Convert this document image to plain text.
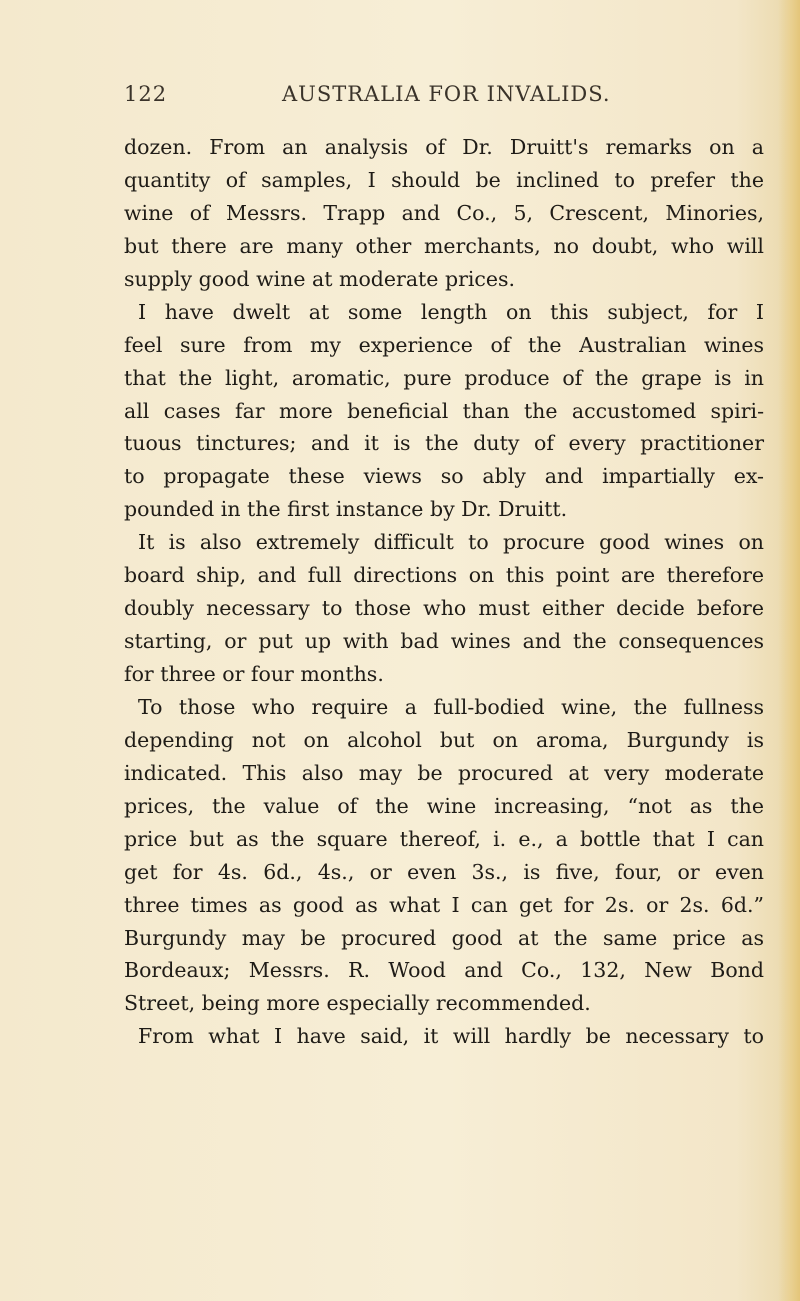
122	AUSTRALIA FOR INVALIDS.
dozen. From an analysis of Dr. Druitt's remarks on a
quantity of samples, I should be inclined to prefer the
wine of Messrs. Trapp and Co., 5, Crescent, Minories,
but there are many other merchants, no doubt, who will
supply good wine at moderate prices.
I have dwelt at some length on this subject, for I
feel sure from my experience of the Australian wines
that the light, aromatic, pure produce of the grape is in
all cases far more beneficial than the accustomed spiri-
tuous tinctures; and it is the duty of every practitioner
to propagate these views so ably and impartially ex-
pounded in the first instance by Dr. Druitt.
It is also extremely difficult to procure good wines on
board ship, and full directions on this point are therefore
doubly necessary to those who must either decide before
starting, or put up with bad wines and the consequences
for three or four months.
To those who require a full-bodied wine, the fullness
depending not on alcohol but on aroma, Burgundy is
indicated. This also may be procured at very moderate
prices, the value of the wine increasing, “not as the
price but as the square thereof, i. e., a bottle that I can
get for 4s. 6d., 4s., or even 3s., is five, four, or even
three times as good as what I can get for 2s. or 2s. 6d.”
Burgundy may be procured good at the same price as
Bordeaux; Messrs. R. Wood and Co., 132, New Bond
Street, being more especially recommended.
From what I have said, it will hardly be necessary to
